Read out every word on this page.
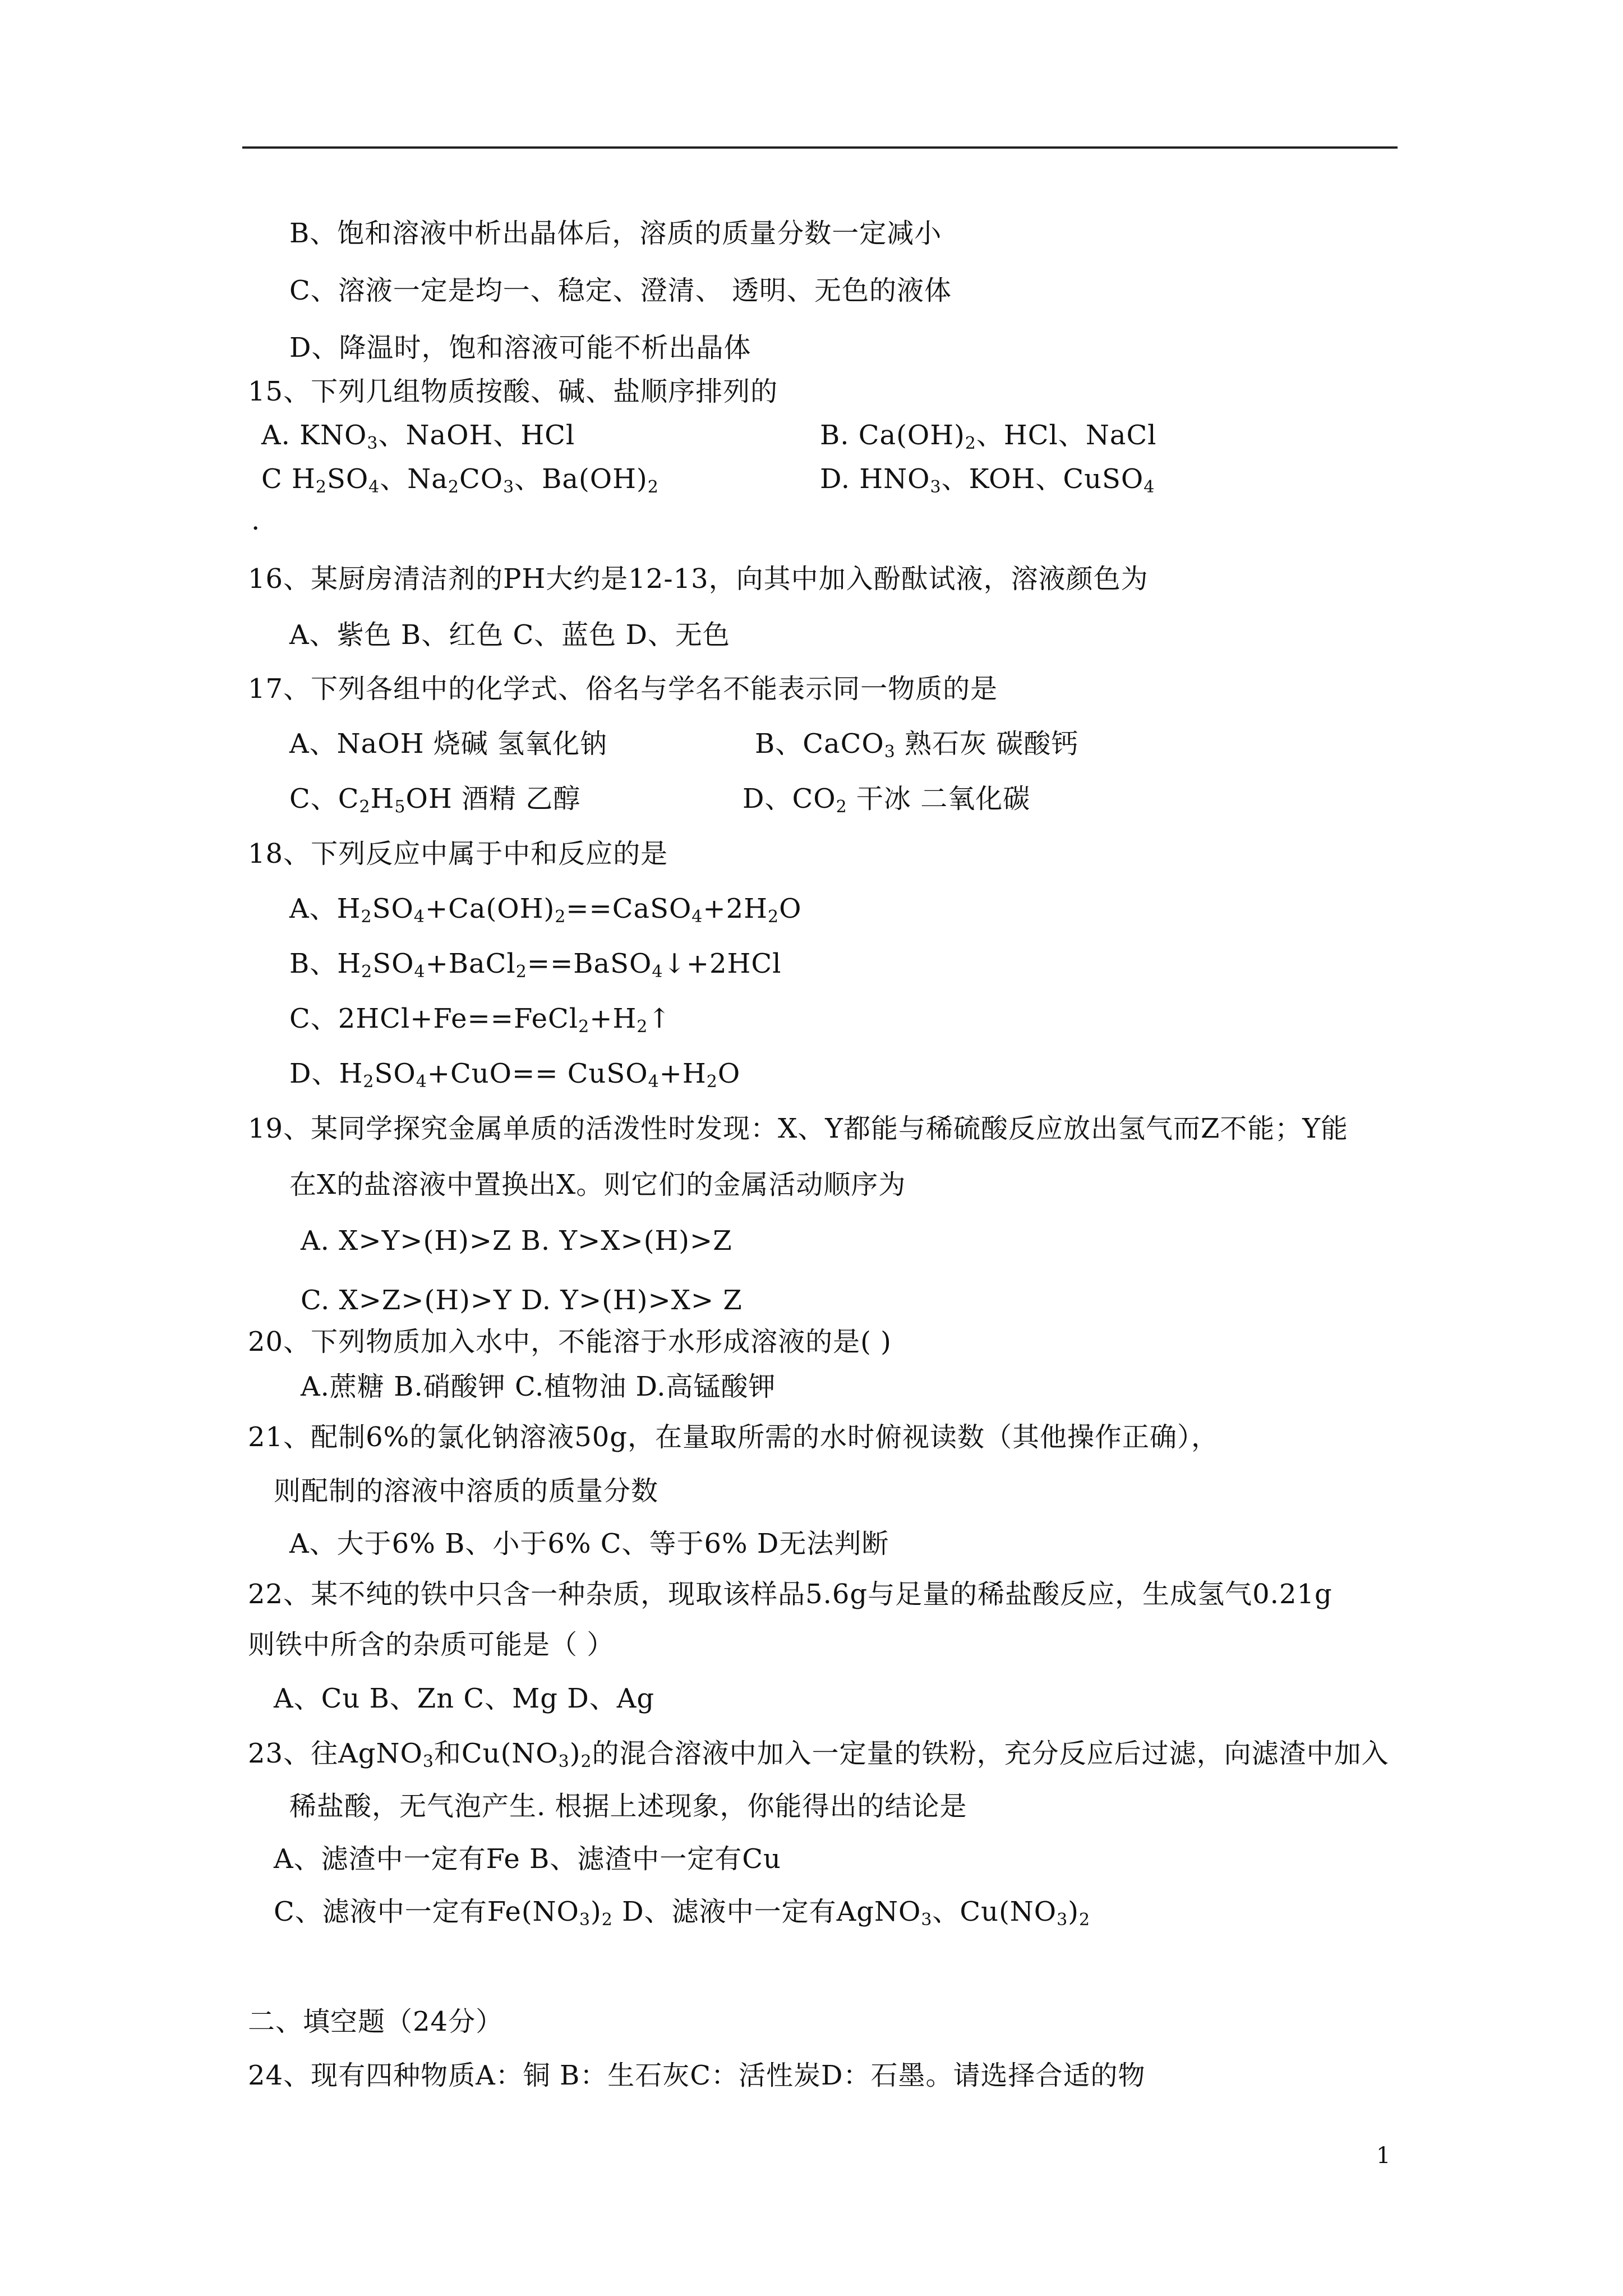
B、饱和溶液中析出晶体后，溶质的质量分数一定减小
C、溶液一定是均一、稳定、澄清、 透明、无色的液体
D、降温时，饱和溶液可能不析出晶体
15、下列几组物质按酸、碱、盐顺序排列的
A. $KNO_3$、NaOH、HCl	B. $Ca(OH)_2$、HCl、NaCl
C $H_2SO_4$、$Na_2CO_3$、$Ba(OH)_2$	D. $HNO_3$、KOH、CuSO$_4$
.
16、某厨房清洁剂的PH大约是12-13，向其中加入酚酞试液，溶液颜色为
A、紫色 B、红色 C、蓝色 D、无色
17、下列各组中的化学式、俗名与学名不能表示同一物质的是
A、NaOH 烧碱 氢氧化钠	B、CaCO$_3$ 熟石灰 碳酸钙
C、$C_2H_5OH$ 酒精 乙醇	D、$CO_2$ 干冰 二氧化碳
18、下列反应中属于中和反应的是
A、$H_2SO_4+Ca(OH)_2==CaSO_4+2H_2O$
B、$H_2SO_4+BaCl_2==BaSO_4↓+2HCl$
C、$2HCl+Fe==FeCl_2+H_2↑$
D、$H_2SO_4+CuO==$ $CuSO_4+H_2O$
19、某同学探究金属单质的活泼性时发现：X、Y都能与稀硫酸反应放出氢气而Z不能；Y能
在X的盐溶液中置换出X。则它们的金属活动顺序为
A. X>Y>(H)>Z B. Y>X>(H)>Z
C. X>Z>(H)>Y D. Y>(H)>X> Z
20、下列物质加入水中，不能溶于水形成溶液的是( )
A.蔗糖 B.硝酸钾 C.植物油 D.高锰酸钾
21、配制6%的氯化钠溶液50g，在量取所需的水时俯视读数（其他操作正确），
则配制的溶液中溶质的质量分数
A、大于6% B、小于6% C、等于6% D无法判断
22、某不纯的铁中只含一种杂质，现取该样品5.6g与足量的稀盐酸反应，生成氢气0.21g
则铁中所含的杂质可能是（ ）
A、Cu B、Zn C、Mg D、Ag
23、往AgNO$_3$和$Cu(NO_3)_2$的混合溶液中加入一定量的铁粉，充分反应后过滤，向滤渣中加入
稀盐酸，无气泡产生. 根据上述现象，你能得出的结论是
A、滤渣中一定有Fe B、滤渣中一定有Cu
C、滤液中一定有$Fe(NO_3)_2$ D、滤液中一定有AgNO$_3$、$Cu(NO_3)_2$
二、填空题（24分）
24、现有四种物质A：铜 B：生石灰C：活性炭D：石墨。请选择合适的物
1
